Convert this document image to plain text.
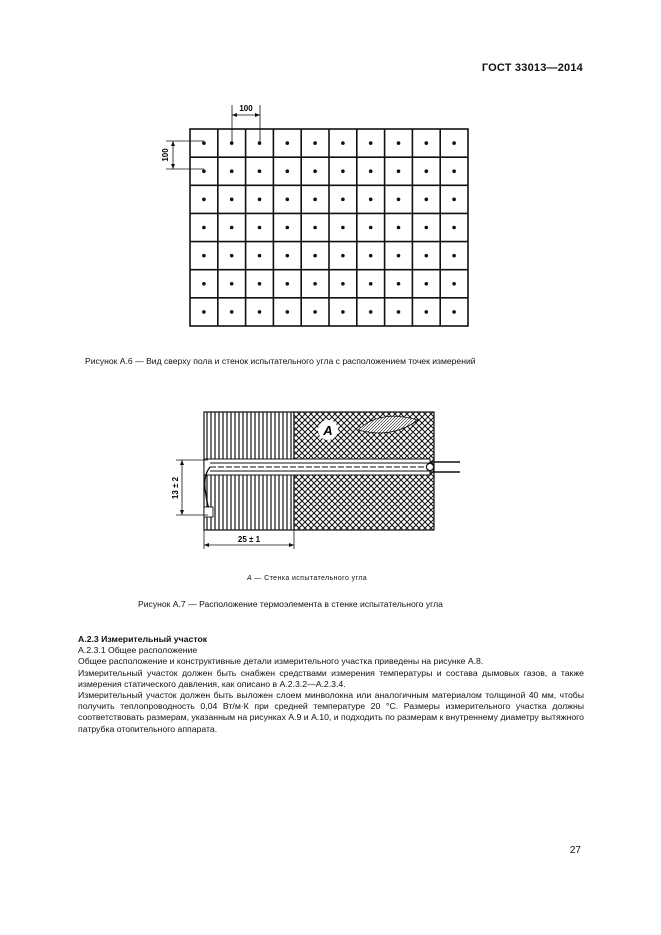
ГОСТ 33013—2014
100
100
Рисунок А.6 — Вид сверху пола и стенок испытательного угла с расположением точек измерений
А
13 ± 2
25 ± 1
А — Стенка испытательного угла
Рисунок А.7 — Расположение термоэлемента в стенке испытательного угла

А.2.3 Измерительный участок

А.2.3.1 Общее расположение

Общее расположение и конструктивные детали измерительного участка приведены на рисунке А.8.

Измерительный участок должен быть снабжен средствами измерения температуры и состава дымовых газов, а также измерения статического давления, как описано в А.2.3.2—А.2.3.4.

Измерительный участок должен быть выложен слоем минволокна или аналогичным материалом толщиной 40 мм, чтобы получить теплопроводность 0,04 Вт/м·К при средней температуре 20 °С. Размеры измерительного участка должны соответствовать размерам, указанным на рисунках А.9 и А.10, и подходить по размерам к внутреннему диаметру вытяжного патрубка отопительного аппарата.

27
